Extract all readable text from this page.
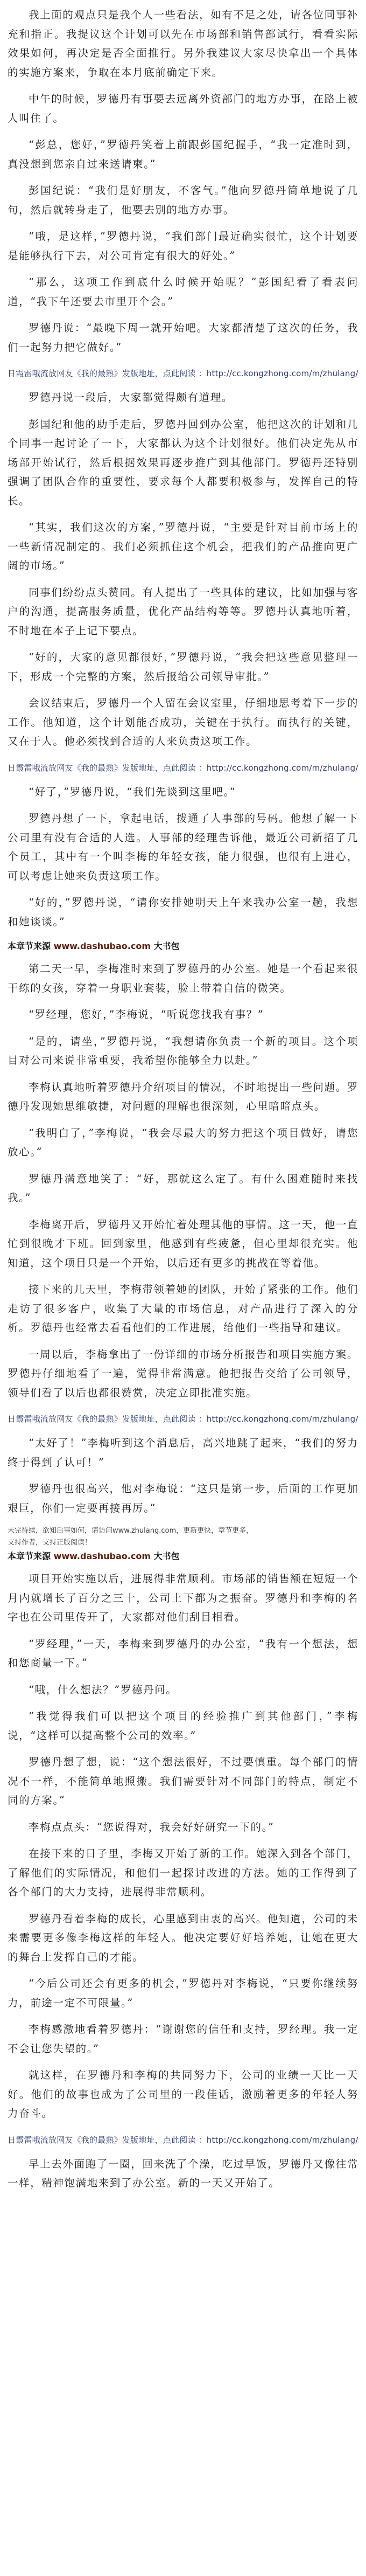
我上面的观点只是我个人一些看法，如有不足之处，请各位同事补充和指正。我提议这个计划可以先在市场部和销售部试行，看看实际效果如何，再决定是否全面推行。另外我建议大家尽快拿出一个具体的实施方案来，争取在本月底前确定下来。

中午的时候，罗德丹有事要去远离外资部门的地方办事，在路上被人叫住了。

“彭总，您好，”罗德丹笑着上前跟彭国纪握手，“我一定准时到，真没想到您亲自过来送请柬。”

彭国纪说：“我们是好朋友，不客气。”他向罗德丹简单地说了几句，然后就转身走了，他要去别的地方办事。

“哦，是这样，”罗德丹说，“我们部门最近确实很忙，这个计划要是能够执行下去，对公司肯定有很大的好处。”

“那么，这项工作到底什么时候开始呢？”彭国纪看了看表问道，“我下午还要去市里开个会。”

罗德丹说：“最晚下周一就开始吧。大家都清楚了这次的任务，我们一起努力把它做好。”

日霞雷哦流放网友《我的最熟》发版地址，点此阅读 ：http://cc.kongzhong.com/m/zhulang/

罗德丹说一段后，大家都觉得颇有道理。

彭国纪和他的助手走后，罗德丹回到办公室，他把这次的计划和几个同事一起讨论了一下，大家都认为这个计划很好。他们决定先从市场部开始试行，然后根据效果再逐步推广到其他部门。罗德丹还特别强调了团队合作的重要性，要求每个人都要积极参与，发挥自己的特长。

“其实，我们这次的方案，”罗德丹说，“主要是针对目前市场上的一些新情况制定的。我们必须抓住这个机会，把我们的产品推向更广阔的市场。”

同事们纷纷点头赞同。有人提出了一些具体的建议，比如加强与客户的沟通，提高服务质量，优化产品结构等等。罗德丹认真地听着，不时地在本子上记下要点。

“好的，大家的意见都很好，”罗德丹说，“我会把这些意见整理一下，形成一个完整的方案，然后报给公司领导审批。”

会议结束后，罗德丹一个人留在会议室里，仔细地思考着下一步的工作。他知道，这个计划能否成功，关键在于执行。而执行的关键，又在于人。他必须找到合适的人来负责这项工作。

日霞雷哦流放网友《我的最熟》发版地址，点此阅读 ：http://cc.kongzhong.com/m/zhulang/

“好了，”罗德丹说，“我们先谈到这里吧。”

罗德丹想了一下，拿起电话，拨通了人事部的号码。他想了解一下公司里有没有合适的人选。人事部的经理告诉他，最近公司新招了几个员工，其中有一个叫李梅的年轻女孩，能力很强，也很有上进心，可以考虑让她来负责这项工作。

“好的，”罗德丹说，“请你安排她明天上午来我办公室一趟，我想和她谈谈。”

本章节来源 www.dashubao.com 大书包

第二天一早，李梅准时来到了罗德丹的办公室。她是一个看起来很干练的女孩，穿着一身职业套装，脸上带着自信的微笑。

“罗经理，您好，”李梅说，“听说您找我有事？”

“是的，请坐，”罗德丹说，“我想请你负责一个新的项目。这个项目对公司来说非常重要，我希望你能够全力以赴。”

李梅认真地听着罗德丹介绍项目的情况，不时地提出一些问题。罗德丹发现她思维敏捷，对问题的理解也很深刻，心里暗暗点头。

“我明白了，”李梅说，“我会尽最大的努力把这个项目做好，请您放心。”

罗德丹满意地笑了：“好，那就这么定了。有什么困难随时来找我。”

李梅离开后，罗德丹又开始忙着处理其他的事情。这一天，他一直忙到很晚才下班。回到家里，他感到有些疲惫，但心里却很充实。他知道，这个项目只是一个开始，以后还有更多的挑战在等着他。

接下来的几天里，李梅带领着她的团队，开始了紧张的工作。他们走访了很多客户，收集了大量的市场信息，对产品进行了深入的分析。罗德丹也经常去看看他们的工作进展，给他们一些指导和建议。

一周以后，李梅拿出了一份详细的市场分析报告和项目实施方案。罗德丹仔细地看了一遍，觉得非常满意。他把报告交给了公司领导，领导们看了以后也都很赞赏，决定立即批准实施。

日霞雷哦流放网友《我的最熟》发版地址，点此阅读 ：http://cc.kongzhong.com/m/zhulang/

“太好了！”李梅听到这个消息后，高兴地跳了起来，“我们的努力终于得到了认可！”

罗德丹也很高兴，他对李梅说：“这只是第一步，后面的工作更加艰巨，你们一定要再接再厉。”

未完待续，欲知后事如何，请访问www.zhulang.com，更新更快，章节更多，

支持作者，支持正版阅读！

本章节来源 www.dashubao.com 大书包

项目开始实施以后，进展得非常顺利。市场部的销售额在短短一个月内就增长了百分之三十，公司上下都为之振奋。罗德丹和李梅的名字也在公司里传开了，大家都对他们刮目相看。

“罗经理，”一天，李梅来到罗德丹的办公室，“我有一个想法，想和您商量一下。”

“哦，什么想法？”罗德丹问。

“我觉得我们可以把这个项目的经验推广到其他部门，”李梅说，“这样可以提高整个公司的效率。”

罗德丹想了想，说：“这个想法很好，不过要慎重。每个部门的情况不一样，不能简单地照搬。我们需要针对不同部门的特点，制定不同的方案。”

李梅点点头：“您说得对，我会好好研究一下的。”

在接下来的日子里，李梅又开始了新的工作。她深入到各个部门，了解他们的实际情况，和他们一起探讨改进的方法。她的工作得到了各个部门的大力支持，进展得非常顺利。

罗德丹看着李梅的成长，心里感到由衷的高兴。他知道，公司的未来需要更多像李梅这样的年轻人。他决定要好好培养她，让她在更大的舞台上发挥自己的才能。

“今后公司还会有更多的机会，”罗德丹对李梅说，“只要你继续努力，前途一定不可限量。”

李梅感激地看着罗德丹：“谢谢您的信任和支持，罗经理。我一定不会让您失望的。”

就这样，在罗德丹和李梅的共同努力下，公司的业绩一天比一天好。他们的故事也成为了公司里的一段佳话，激励着更多的年轻人努力奋斗。

日霞雷哦流放网友《我的最熟》发版地址，点此阅读 ：http://cc.kongzhong.com/m/zhulang/

早上去外面跑了一圈，回来洗了个澡，吃过早饭，罗德丹又像往常一样，精神饱满地来到了办公室。新的一天又开始了。
